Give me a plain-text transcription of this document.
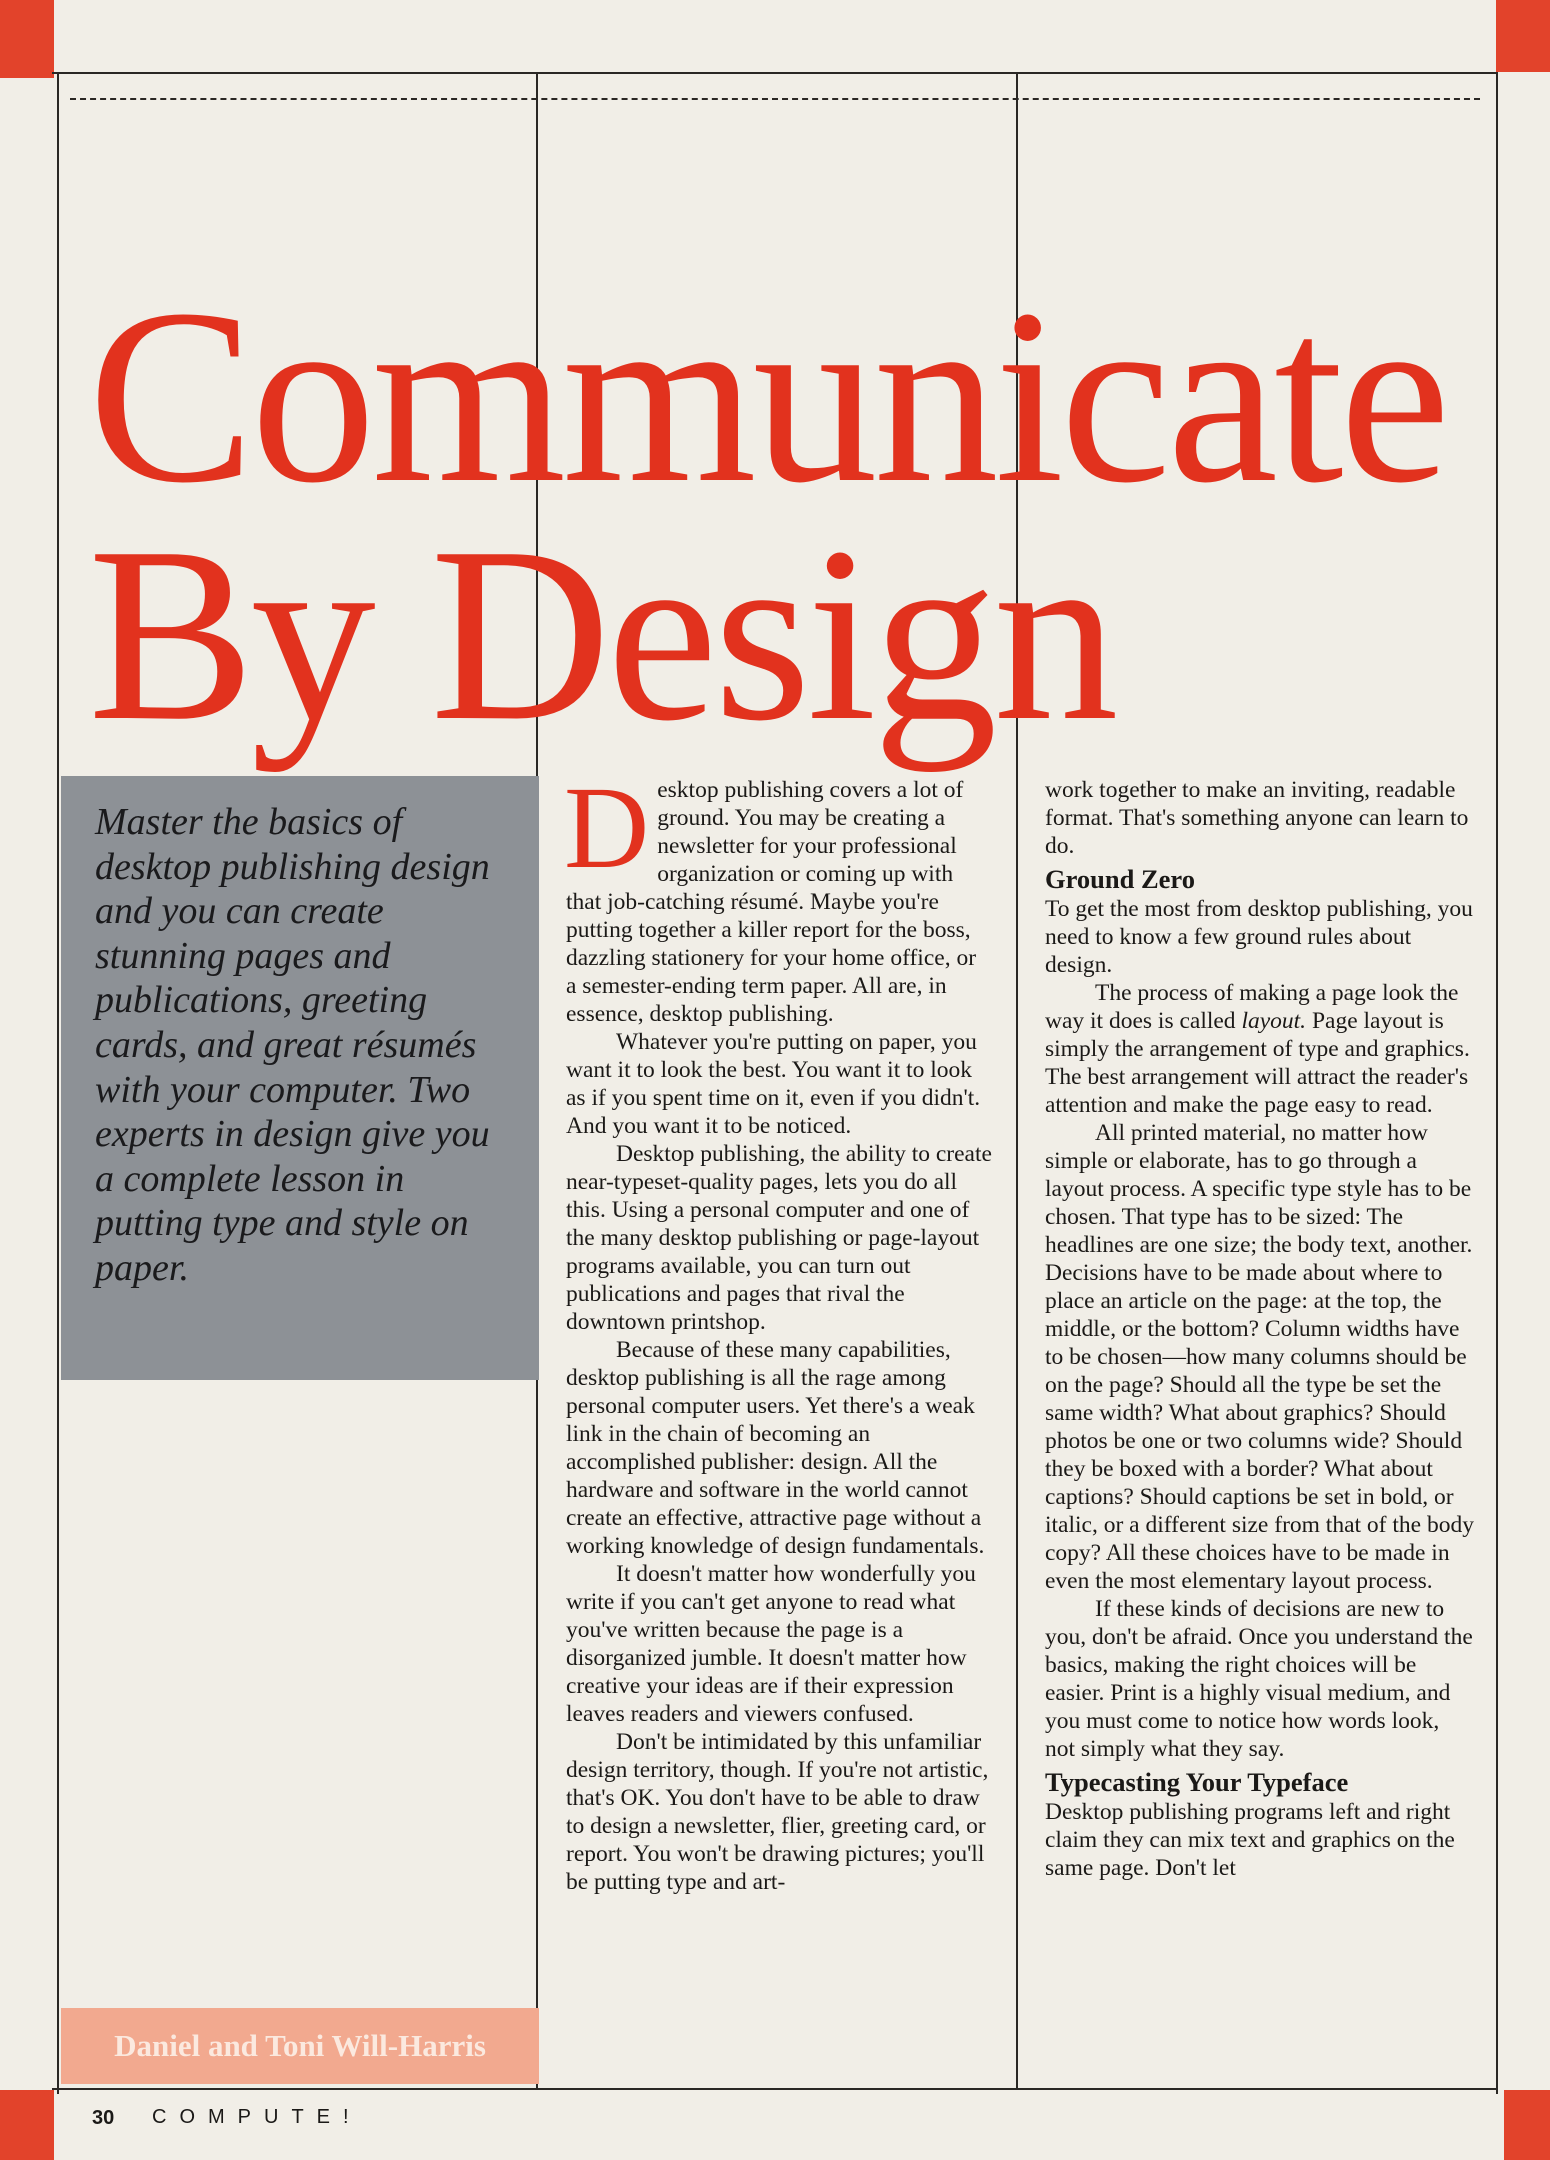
Communicate
By Design

Master the basics of desktop publishing design and you can create stunning pages and publications, greeting cards, and great résumés with your computer. Two experts in design give you a complete lesson in putting type and style on paper.

Daniel and Toni Will-Harris

Desktop publishing covers a lot of ground. You may be creating a newsletter for your professional organization or coming up with that job-catching résumé. Maybe you're putting together a killer report for the boss, dazzling stationery for your home office, or a semester-ending term paper. All are, in essence, desktop publishing.

Whatever you're putting on paper, you want it to look the best. You want it to look as if you spent time on it, even if you didn't. And you want it to be noticed.

Desktop publishing, the ability to create near-typeset-quality pages, lets you do all this. Using a personal computer and one of the many desktop publishing or page-layout programs available, you can turn out publications and pages that rival the downtown printshop.

Because of these many capabilities, desktop publishing is all the rage among personal computer users. Yet there's a weak link in the chain of becoming an accomplished publisher: design. All the hardware and software in the world cannot create an effective, attractive page without a working knowledge of design fundamentals.

It doesn't matter how wonderfully you write if you can't get anyone to read what you've written because the page is a disorganized jumble. It doesn't matter how creative your ideas are if their expression leaves readers and viewers confused.

Don't be intimidated by this unfamiliar design territory, though. If you're not artistic, that's OK. You don't have to be able to draw to design a newsletter, flier, greeting card, or report. You won't be drawing pictures; you'll be putting type and art-

work together to make an inviting, readable format. That's something anyone can learn to do.

Ground Zero

To get the most from desktop publishing, you need to know a few ground rules about design.

The process of making a page look the way it does is called layout. Page layout is simply the arrangement of type and graphics. The best arrangement will attract the reader's attention and make the page easy to read.

All printed material, no matter how simple or elaborate, has to go through a layout process. A specific type style has to be chosen. That type has to be sized: The headlines are one size; the body text, another. Decisions have to be made about where to place an article on the page: at the top, the middle, or the bottom? Column widths have to be chosen—how many columns should be on the page? Should all the type be set the same width? What about graphics? Should photos be one or two columns wide? Should they be boxed with a border? What about captions? Should captions be set in bold, or italic, or a different size from that of the body copy? All these choices have to be made in even the most elementary layout process.

If these kinds of decisions are new to you, don't be afraid. Once you understand the basics, making the right choices will be easier. Print is a highly visual medium, and you must come to notice how words look, not simply what they say.

Typecasting Your Typeface

Desktop publishing programs left and right claim they can mix text and graphics on the same page. Don't let

30 COMPUTE!
